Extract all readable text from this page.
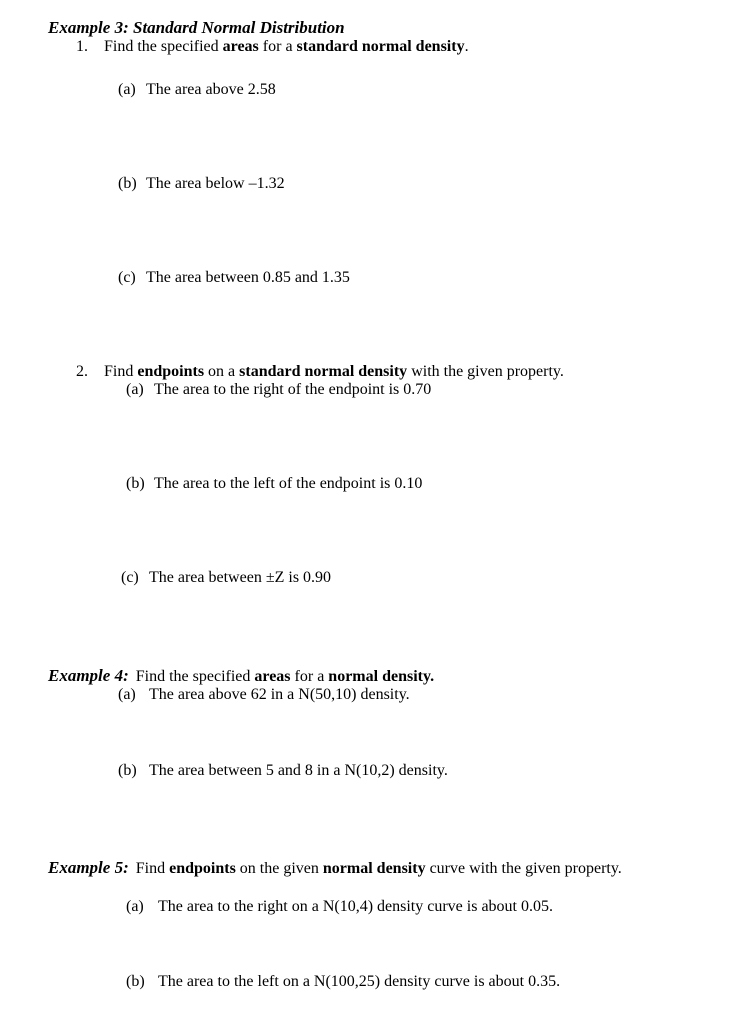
Example 3: Standard Normal Distribution
1. Find the specified areas for a standard normal density.
(a) The area above 2.58
(b) The area below –1.32
(c) The area between 0.85 and 1.35
2. Find endpoints on a standard normal density with the given property.
(a) The area to the right of the endpoint is 0.70
(b) The area to the left of the endpoint is 0.10
(c) The area between ±Z is 0.90
Example 4: Find the specified areas for a normal density.
(a) The area above 62 in a N(50,10) density.
(b) The area between 5 and 8 in a N(10,2) density.
Example 5: Find endpoints on the given normal density curve with the given property.
(a) The area to the right on a N(10,4) density curve is about 0.05.
(b) The area to the left on a N(100,25) density curve is about 0.35.
